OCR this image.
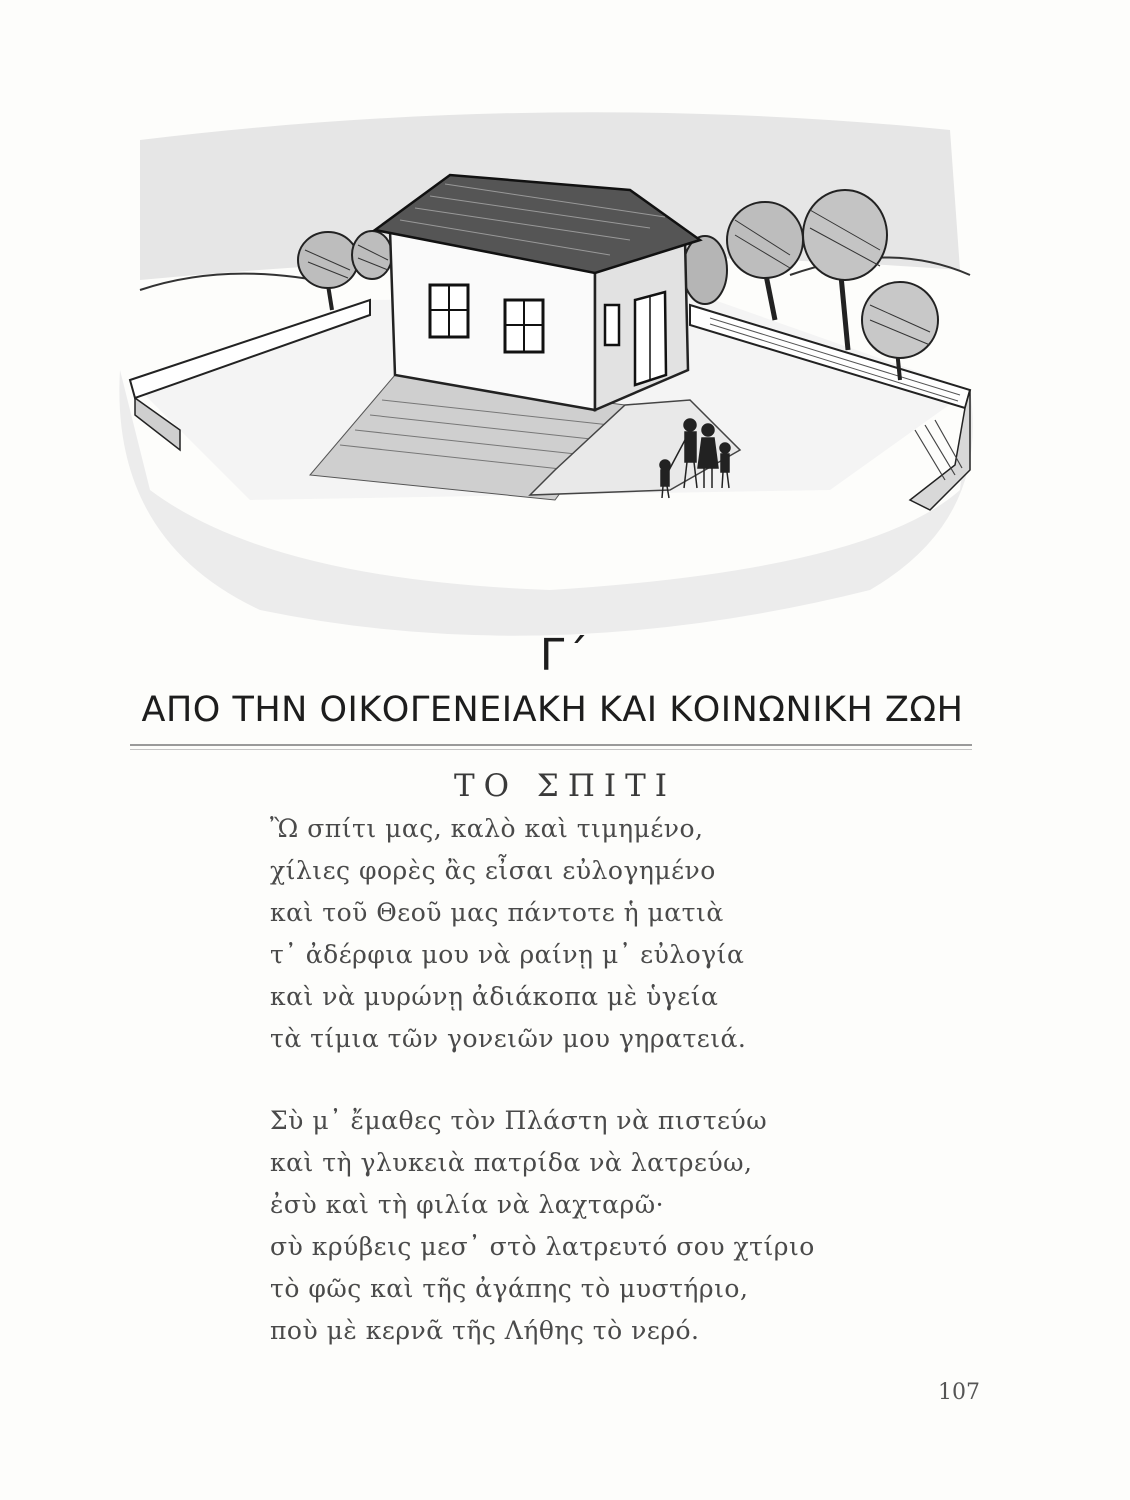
Γ΄
ΑΠΟ ΤΗΝ ΟΙΚΟΓΕΝΕΙΑΚΗ ΚΑΙ ΚΟΙΝΩΝΙΚΗ ΖΩΗ
ΤΟ ΣΠΙΤΙ
Ὢ σπίτι μας, καλὸ καὶ τιμημένο,
χίλιες φορὲς ἂς εἶσαι εὐλογημένο
καὶ τοῦ Θεοῦ μας πάντοτε ἡ ματιὰ
τ᾽ ἀδέρφια μου νὰ ραίνῃ μ᾽ εὐλογία
καὶ νὰ μυρώνῃ ἀδιάκοπα μὲ ὑγεία
τὰ τίμια τῶν γονειῶν μου γηρατειά.
Σὺ μ᾽ ἔμαθες τὸν Πλάστη νὰ πιστεύω
καὶ τὴ γλυκειὰ πατρίδα νὰ λατρεύω,
ἐσὺ καὶ τὴ φιλία νὰ λαχταρῶ·
σὺ κρύβεις μεσ᾽ στὸ λατρευτό σου χτίριο
τὸ φῶς καὶ τῆς ἀγάπης τὸ μυστήριο,
ποὺ μὲ κερνᾶ τῆς Λήθης τὸ νερό.
107
